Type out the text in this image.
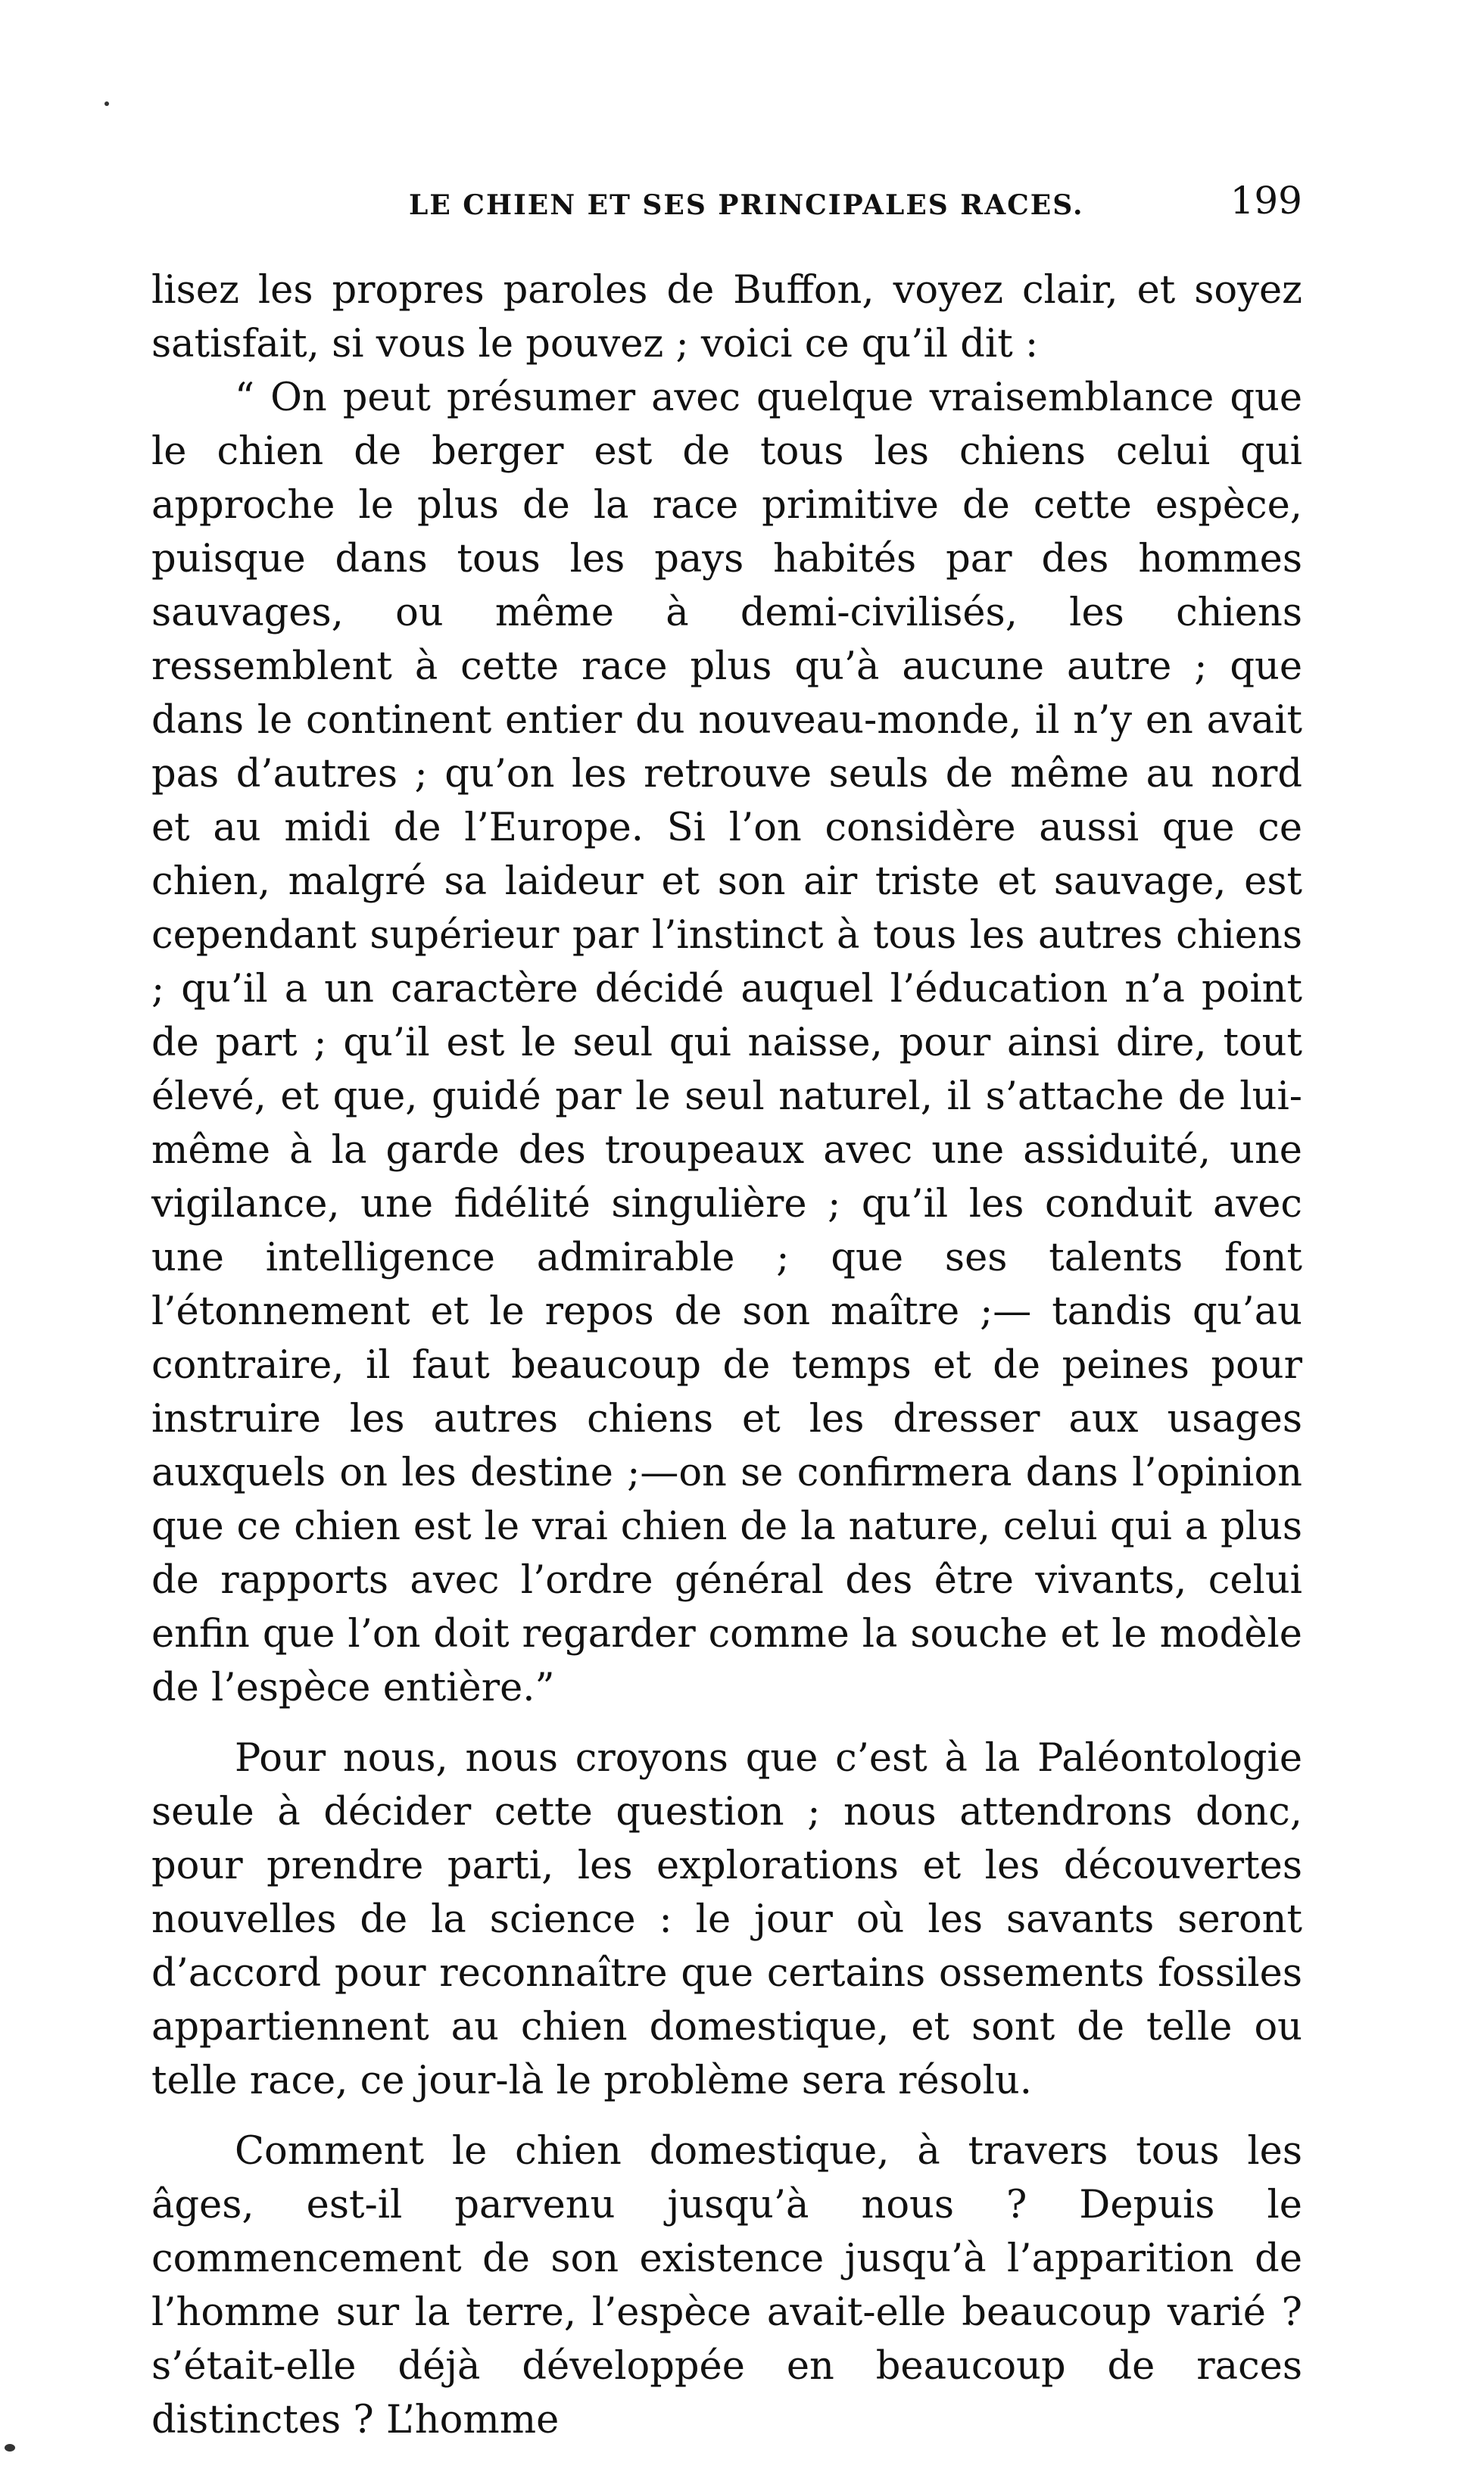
LE CHIEN ET SES PRINCIPALES RACES.	199

lisez les propres paroles de Buffon, voyez clair, et soyez satisfait, si vous le pouvez ; voici ce qu’il dit :

“ On peut présumer avec quelque vraisemblance que le chien de berger est de tous les chiens celui qui approche le plus de la race primitive de cette espèce, puisque dans tous les pays habités par des hommes sauvages, ou même à demi-civilisés, les chiens ressemblent à cette race plus qu’à aucune autre ; que dans le continent entier du nouveau-monde, il n’y en avait pas d’autres ; qu’on les retrouve seuls de même au nord et au midi de l’Europe. Si l’on considère aussi que ce chien, malgré sa laideur et son air triste et sauvage, est cependant supérieur par l’instinct à tous les autres chiens ; qu’il a un caractère décidé auquel l’éducation n’a point de part ; qu’il est le seul qui naisse, pour ainsi dire, tout élevé, et que, guidé par le seul naturel, il s’attache de lui-même à la garde des troupeaux avec une assiduité, une vigilance, une fidélité singulière ; qu’il les conduit avec une intelligence admirable ; que ses talents font l’étonnement et le repos de son maître ;— tandis qu’au contraire, il faut beaucoup de temps et de peines pour instruire les autres chiens et les dresser aux usages auxquels on les destine ;—on se confirmera dans l’opinion que ce chien est le vrai chien de la nature, celui qui a plus de rapports avec l’ordre général des être vivants, celui enfin que l’on doit regarder comme la souche et le modèle de l’espèce entière.”

Pour nous, nous croyons que c’est à la Paléontologie seule à décider cette question ; nous attendrons donc, pour prendre parti, les explorations et les découvertes nouvelles de la science : le jour où les savants seront d’accord pour reconnaître que certains ossements fossiles appartiennent au chien domestique, et sont de telle ou telle race, ce jour-là le problème sera résolu.

Comment le chien domestique, à travers tous les âges, est-il parvenu jusqu’à nous ? Depuis le commencement de son existence jusqu’à l’apparition de l’homme sur la terre, l’espèce avait-elle beaucoup varié ? s’était-elle déjà développée en beaucoup de races distinctes ? L’homme
